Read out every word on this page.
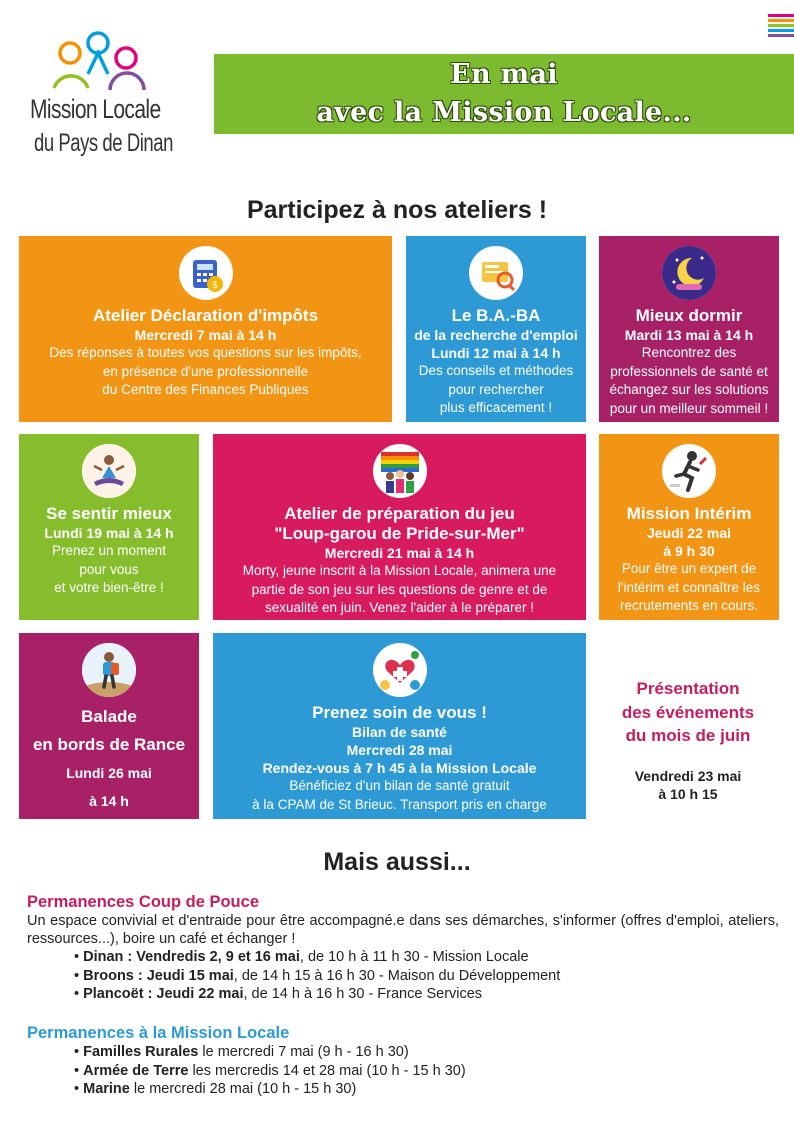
Mission Locale
du Pays de Dinan
En mai
avec la Mission Locale...
Participez à nos ateliers !
$
Atelier Déclaration d'impôts
Mercredi 7 mai à 14 h
Des réponses à toutes vos questions sur les impôts,
en présence d'une professionnelle
du Centre des Finances Publiques
Le B.A.-BA
de la recherche d'emploi
Lundi 12 mai à 14 h
Des conseils et méthodes
pour rechercher
plus efficacement !
Mieux dormir
Mardi 13 mai à 14 h
Rencontrez des
professionnels de santé et
échangez sur les solutions
pour un meilleur sommeil !
Se sentir mieux
Lundi 19 mai à 14 h
Prenez un moment
pour vous
et votre bien-être !
Atelier de préparation du jeu
"Loup-garou de Pride-sur-Mer"
Mercredi 21 mai à 14 h
Morty, jeune inscrit à la Mission Locale, animera une
partie de son jeu sur les questions de genre et de
sexualité en juin. Venez l'aider à le préparer !
Mission Intérim
Jeudi 22 mai
à 9 h 30
Pour être un expert de
l'intérim et connaître les
recrutements en cours.
Balade
en bords de Rance
Lundi 26 mai
à 14 h
Prenez soin de vous !
Bilan de santé
Mercredi 28 mai
Rendez-vous à 7 h 45 à la Mission Locale
Bénéficiez d'un bilan de santé gratuit
à la CPAM de St Brieuc. Transport pris en charge
Présentation
des événements
du mois de juin
Vendredi 23 mai
à 10 h 15
Mais aussi...
Permanences Coup de Pouce
Un espace convivial et d'entraide pour être accompagné.e dans ses démarches, s'informer (offres d'emploi, ateliers, ressources...), boire un café et échanger !
• Dinan : Vendredis 2, 9 et 16 mai, de 10 h à 11 h 30 - Mission Locale
• Broons : Jeudi 15 mai, de 14 h 15 à 16 h 30 - Maison du Développement
• Plancoët : Jeudi 22 mai, de 14 h à 16 h 30 - France Services
Permanences à la Mission Locale
• Familles Rurales le mercredi 7 mai (9 h - 16 h 30)
• Armée de Terre les mercredis 14 et 28 mai (10 h - 15 h 30)
• Marine le mercredi 28 mai (10 h - 15 h 30)
